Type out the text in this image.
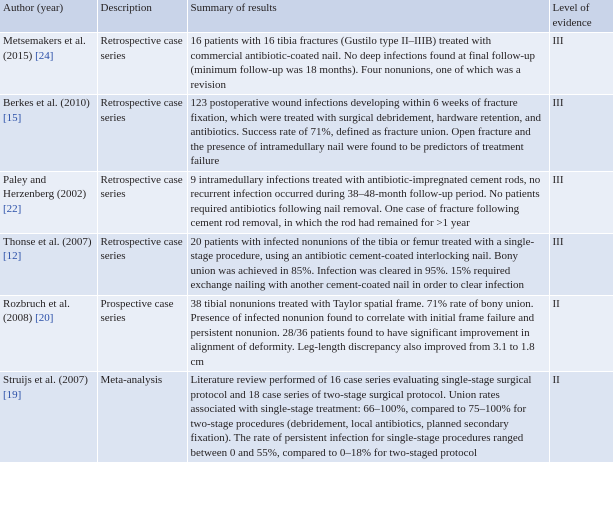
Author (year)	Description	Summary of results	Level of evidence
Metsemakers et al. (2015) [24]	Retrospective case series	16 patients with 16 tibia fractures (Gustilo type II–IIIB) treated with commercial antibiotic-coated nail. No deep infections found at final follow-up (minimum follow-up was 18 months). Four nonunions, one of which was a revision	III
Berkes et al. (2010) [15]	Retrospective case series	123 postoperative wound infections developing within 6 weeks of fracture fixation, which were treated with surgical debridement, hardware retention, and antibiotics. Success rate of 71%, defined as fracture union. Open fracture and the presence of intramedullary nail were found to be predictors of treatment failure	III
Paley and Herzenberg (2002) [22]	Retrospective case series	9 intramedullary infections treated with antibiotic-impregnated cement rods, no recurrent infection occurred during 38–48-month follow-up period. No patients required antibiotics following nail removal. One case of fracture following cement rod removal, in which the rod had remained for >1 year	III
Thonse et al. (2007) [12]	Retrospective case series	20 patients with infected nonunions of the tibia or femur treated with a single-stage procedure, using an antibiotic cement-coated interlocking nail. Bony union was achieved in 85%. Infection was cleared in 95%. 15% required exchange nailing with another cement-coated nail in order to clear infection	III
Rozbruch et al. (2008) [20]	Prospective case series	38 tibial nonunions treated with Taylor spatial frame. 71% rate of bony union. Presence of infected nonunion found to correlate with initial frame failure and persistent nonunion. 28/36 patients found to have significant improvement in alignment of deformity. Leg-length discrepancy also improved from 3.1 to 1.8 cm	II
Struijs et al. (2007) [19]	Meta-analysis	Literature review performed of 16 case series evaluating single-stage surgical protocol and 18 case series of two-stage surgical protocol. Union rates associated with single-stage treatment: 66–100%, compared to 75–100% for two-stage procedures (debridement, local antibiotics, planned secondary fixation). The rate of persistent infection for single-stage procedures ranged between 0 and 55%, compared to 0–18% for two-staged protocol	II
